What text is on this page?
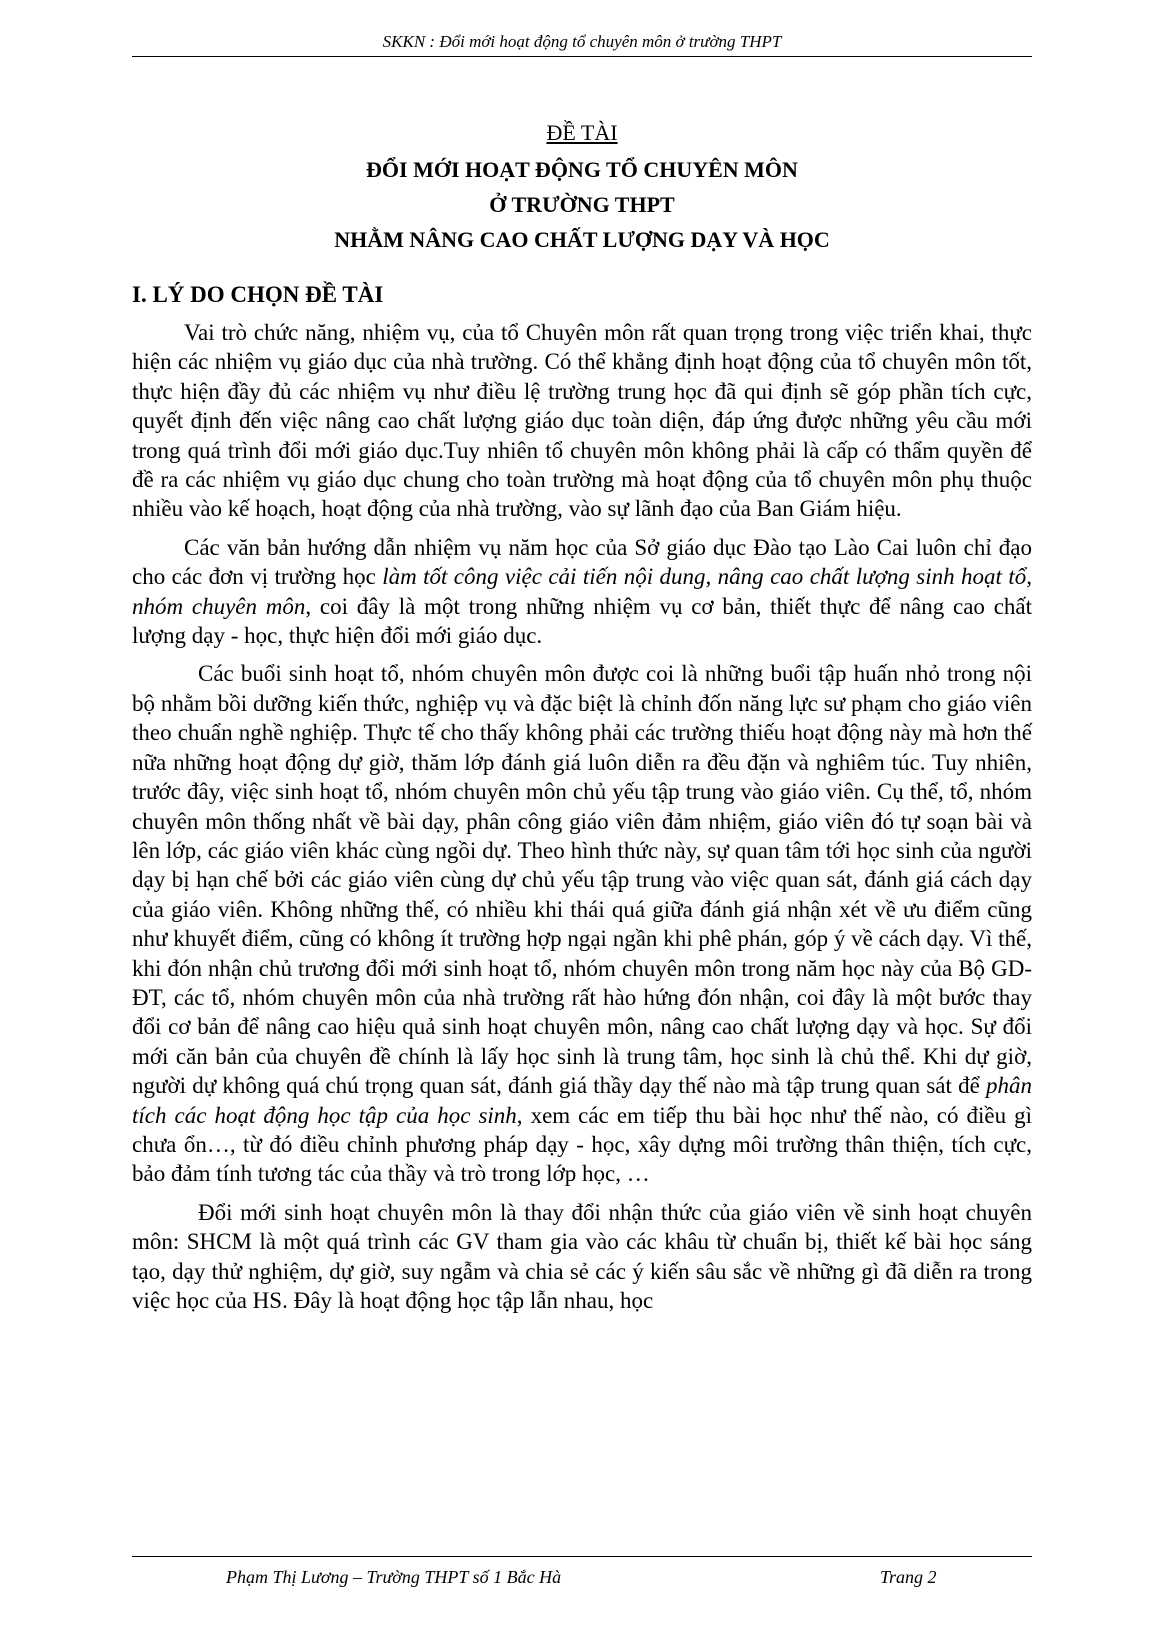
SKKN : Đổi mới hoạt động tổ chuyên môn ở trường THPT
ĐỀ TÀI
ĐỔI MỚI HOẠT ĐỘNG TỔ CHUYÊN MÔN
Ở TRƯỜNG THPT
NHẰM NÂNG CAO CHẤT LƯỢNG DẠY VÀ HỌC
I. LÝ DO CHỌN ĐỀ TÀI

Vai trò chức năng, nhiệm vụ, của tổ Chuyên môn rất quan trọng trong việc triển khai, thực hiện các nhiệm vụ giáo dục của nhà trường. Có thể khẳng định hoạt động của tổ chuyên môn tốt, thực hiện đầy đủ các nhiệm vụ như điều lệ trường trung học đã qui định sẽ góp phần tích cực, quyết định đến việc nâng cao chất lượng giáo dục toàn diện, đáp ứng được những yêu cầu mới trong quá trình đổi mới giáo dục.Tuy nhiên tổ chuyên môn không phải là cấp có thẩm quyền để đề ra các nhiệm vụ giáo dục chung cho toàn trường mà hoạt động của tổ chuyên môn phụ thuộc nhiều vào kế hoạch, hoạt động của nhà trường, vào sự lãnh đạo của Ban Giám hiệu.

Các văn bản hướng dẫn nhiệm vụ năm học của Sở giáo dục Đào tạo Lào Cai luôn chỉ đạo cho các đơn vị trường học làm tốt công việc cải tiến nội dung, nâng cao chất lượng sinh hoạt tổ, nhóm chuyên môn, coi đây là một trong những nhiệm vụ cơ bản, thiết thực để nâng cao chất lượng dạy - học, thực hiện đổi mới giáo dục.

Các buổi sinh hoạt tổ, nhóm chuyên môn được coi là những buổi tập huấn nhỏ trong nội bộ nhằm bồi dưỡng kiến thức, nghiệp vụ và đặc biệt là chỉnh đốn năng lực sư phạm cho giáo viên theo chuẩn nghề nghiệp. Thực tế cho thấy không phải các trường thiếu hoạt động này mà hơn thế nữa những hoạt động dự giờ, thăm lớp đánh giá luôn diễn ra đều đặn và nghiêm túc. Tuy nhiên, trước đây, việc sinh hoạt tổ, nhóm chuyên môn chủ yếu tập trung vào giáo viên. Cụ thể, tổ, nhóm chuyên môn thống nhất về bài dạy, phân công giáo viên đảm nhiệm, giáo viên đó tự soạn bài và lên lớp, các giáo viên khác cùng ngồi dự. Theo hình thức này, sự quan tâm tới học sinh của người dạy bị hạn chế bởi các giáo viên cùng dự chủ yếu tập trung vào việc quan sát, đánh giá cách dạy của giáo viên. Không những thế, có nhiều khi thái quá giữa đánh giá nhận xét về ưu điểm cũng như khuyết điểm, cũng có không ít trường hợp ngại ngần khi phê phán, góp ý về cách dạy. Vì thế, khi đón nhận chủ trương đổi mới sinh hoạt tổ, nhóm chuyên môn trong năm học này của Bộ GD-ĐT, các tổ, nhóm chuyên môn của nhà trường rất hào hứng đón nhận, coi đây là một bước thay đổi cơ bản để nâng cao hiệu quả sinh hoạt chuyên môn, nâng cao chất lượng dạy và học. Sự đổi mới căn bản của chuyên đề chính là lấy học sinh là trung tâm, học sinh là chủ thể. Khi dự giờ, người dự không quá chú trọng quan sát, đánh giá thầy dạy thế nào mà tập trung quan sát để phân tích các hoạt động học tập của học sinh, xem các em tiếp thu bài học như thế nào, có điều gì chưa ổn…, từ đó điều chỉnh phương pháp dạy - học, xây dựng môi trường thân thiện, tích cực, bảo đảm tính tương tác của thầy và trò trong lớp học, …

Đổi mới sinh hoạt chuyên môn là thay đổi nhận thức của giáo viên về sinh hoạt chuyên môn: SHCM là một quá trình các GV tham gia vào các khâu từ chuẩn bị, thiết kế bài học sáng tạo, dạy thử nghiệm, dự giờ, suy ngẫm và chia sẻ các ý kiến sâu sắc về những gì đã diễn ra trong việc học của HS. Đây là hoạt động học tập lẫn nhau, học

Phạm Thị Lương – Trường THPT số 1 Bắc Hà	Trang 2
